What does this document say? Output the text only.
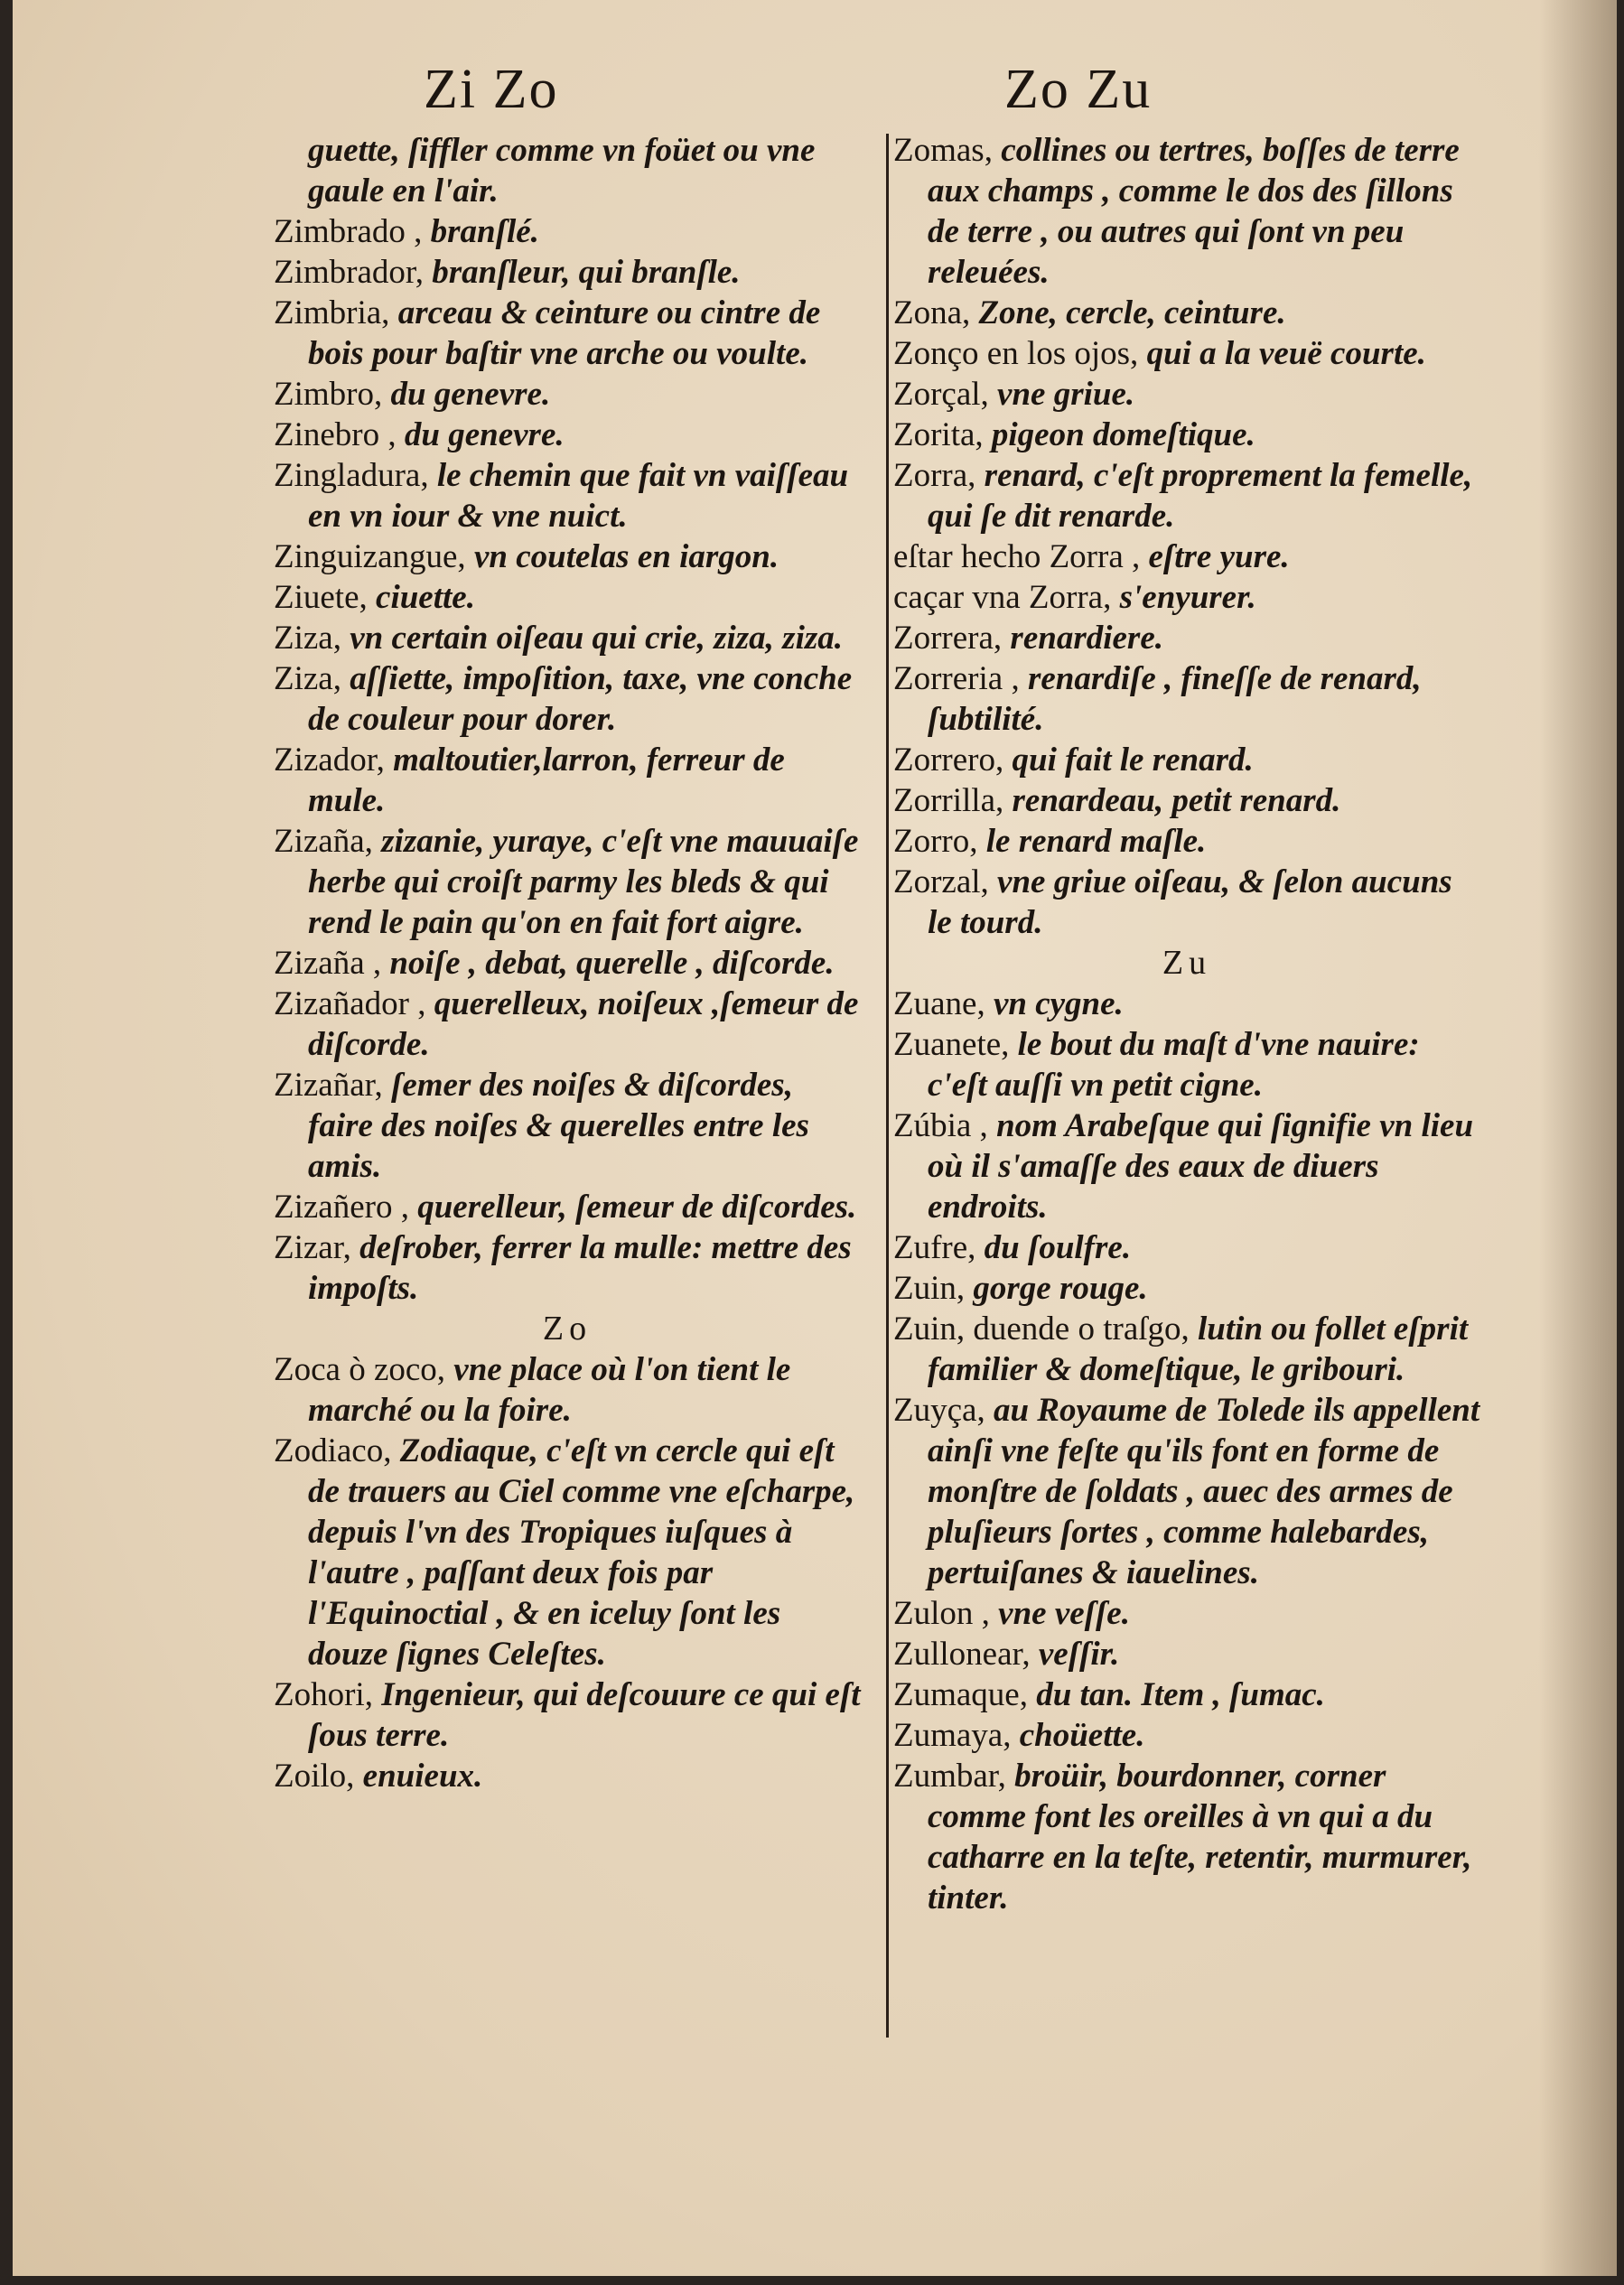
Zi Zo	Zo Zu

guette, ſiffler comme vn foüet ou vne gaule en l'air.

Zimbrado , branſlé.

Zimbrador, branſleur, qui branſle.

Zimbria, arceau & ceinture ou cintre de bois pour baſtir vne arche ou voulte.

Zimbro, du genevre.

Zinebro , du genevre.

Zingladura, le chemin que fait vn vaiſſeau en vn iour & vne nuict.

Zinguizangue, vn coutelas en iargon.

Ziuete, ciuette.

Ziza, vn certain oiſeau qui crie, ziza, ziza.

Ziza, aſſiette, impoſition, taxe, vne conche de couleur pour dorer.

Zizador, maltoutier,larron, ferreur de mule.

Zizaña, zizanie, yuraye, c'eſt vne mauuaiſe herbe qui croiſt parmy les bleds & qui rend le pain qu'on en fait fort aigre.

Zizaña , noiſe , debat, querelle , diſcorde.

Zizañador , querelleux, noiſeux ,ſemeur de diſcorde.

Zizañar, ſemer des noiſes & diſcordes, faire des noiſes & querelles entre les amis.

Zizañero , querelleur, ſemeur de diſcordes.

Zizar, deſrober, ferrer la mulle: mettre des impoſts.

Zo

Zoca ò zoco, vne place où l'on tient le marché ou la foire.

Zodiaco, Zodiaque, c'eſt vn cercle qui eſt de trauers au Ciel comme vne eſcharpe, depuis l'vn des Tropiques iuſques à l'autre , paſſant deux fois par l'Equinoctial , & en iceluy ſont les douze ſignes Celeſtes.

Zohori, Ingenieur, qui deſcouure ce qui eſt ſous terre.

Zoilo, enuieux.

Zomas, collines ou tertres, boſſes de terre aux champs , comme le dos des ſillons de terre , ou autres qui ſont vn peu releuées.

Zona, Zone, cercle, ceinture.

Zonço en los ojos, qui a la veuë courte.

Zorçal, vne griue.

Zorita, pigeon domeſtique.

Zorra, renard, c'eſt proprement la femelle, qui ſe dit renarde.

eſtar hecho Zorra , eſtre yure.

caçar vna Zorra, s'enyurer.

Zorrera, renardiere.

Zorreria , renardiſe , fineſſe de renard, ſubtilité.

Zorrero, qui fait le renard.

Zorrilla, renardeau, petit renard.

Zorro, le renard maſle.

Zorzal, vne griue oiſeau, & ſelon aucuns le tourd.

Zu

Zuane, vn cygne.

Zuanete, le bout du maſt d'vne nauire: c'eſt auſſi vn petit cigne.

Zúbia , nom Arabeſque qui ſignifie vn lieu où il s'amaſſe des eaux de diuers endroits.

Zufre, du ſoulfre.

Zuin, gorge rouge.

Zuin, duende o traſgo, lutin ou follet eſprit familier & domeſtique, le gribouri.

Zuyça, au Royaume de Tolede ils appellent ainſi vne feſte qu'ils font en forme de monſtre de ſoldats , auec des armes de pluſieurs ſortes , comme halebardes, pertuiſanes & iauelines.

Zulon , vne veſſe.

Zullonear, veſſir.

Zumaque, du tan. Item , ſumac.

Zumaya, choüette.

Zumbar, broüir, bourdonner, corner comme font les oreilles à vn qui a du catharre en la teſte, retentir, murmurer, tinter.
